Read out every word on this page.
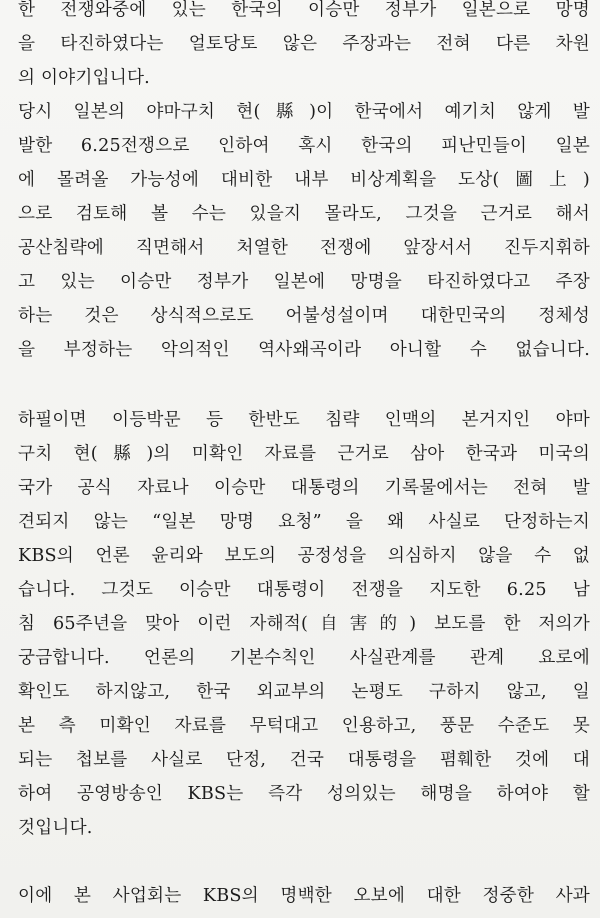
한 전쟁와중에 있는 한국의 이승만 정부가 일본으로 망명
을 타진하였다는 얼토당토 않은 주장과는 전혀 다른 차원
의 이야기입니다.
당시 일본의 야마구치 현(縣)이 한국에서 예기치 않게 발
발한 6.25전쟁으로 인하여 혹시 한국의 피난민들이 일본
에 몰려올 가능성에 대비한 내부 비상계획을 도상(圖上)
으로 검토해 볼 수는 있을지 몰라도, 그것을 근거로 해서
공산침략에 직면해서 처열한 전쟁에 앞장서서 진두지휘하
고 있는 이승만 정부가 일본에 망명을 타진하였다고 주장
하는 것은 상식적으로도 어불성설이며 대한민국의 정체성
을 부정하는 악의적인 역사왜곡이라 아니할 수 없습니다.
하필이면 이등박문 등 한반도 침략 인맥의 본거지인 야마
구치 현(縣)의 미확인 자료를 근거로 삼아 한국과 미국의
국가 공식 자료나 이승만 대통령의 기록물에서는 전혀 발
견되지 않는 “일본 망명 요청” 을 왜 사실로 단정하는지
KBS의 언론 윤리와 보도의 공정성을 의심하지 않을 수 없
습니다. 그것도 이승만 대통령이 전쟁을 지도한 6.25 남
침 65주년을 맞아 이런 자해적(自害的) 보도를 한 저의가
궁금합니다. 언론의 기본수칙인 사실관계를 관계 요로에
확인도 하지않고, 한국 외교부의 논평도 구하지 않고, 일
본 측 미확인 자료를 무턱대고 인용하고, 풍문 수준도 못
되는 첩보를 사실로 단정, 건국 대통령을 폄훼한 것에 대
하여 공영방송인 KBS는 즉각 성의있는 해명을 하여야 할
것입니다.
이에 본 사업회는 KBS의 명백한 오보에 대한 정중한 사과
